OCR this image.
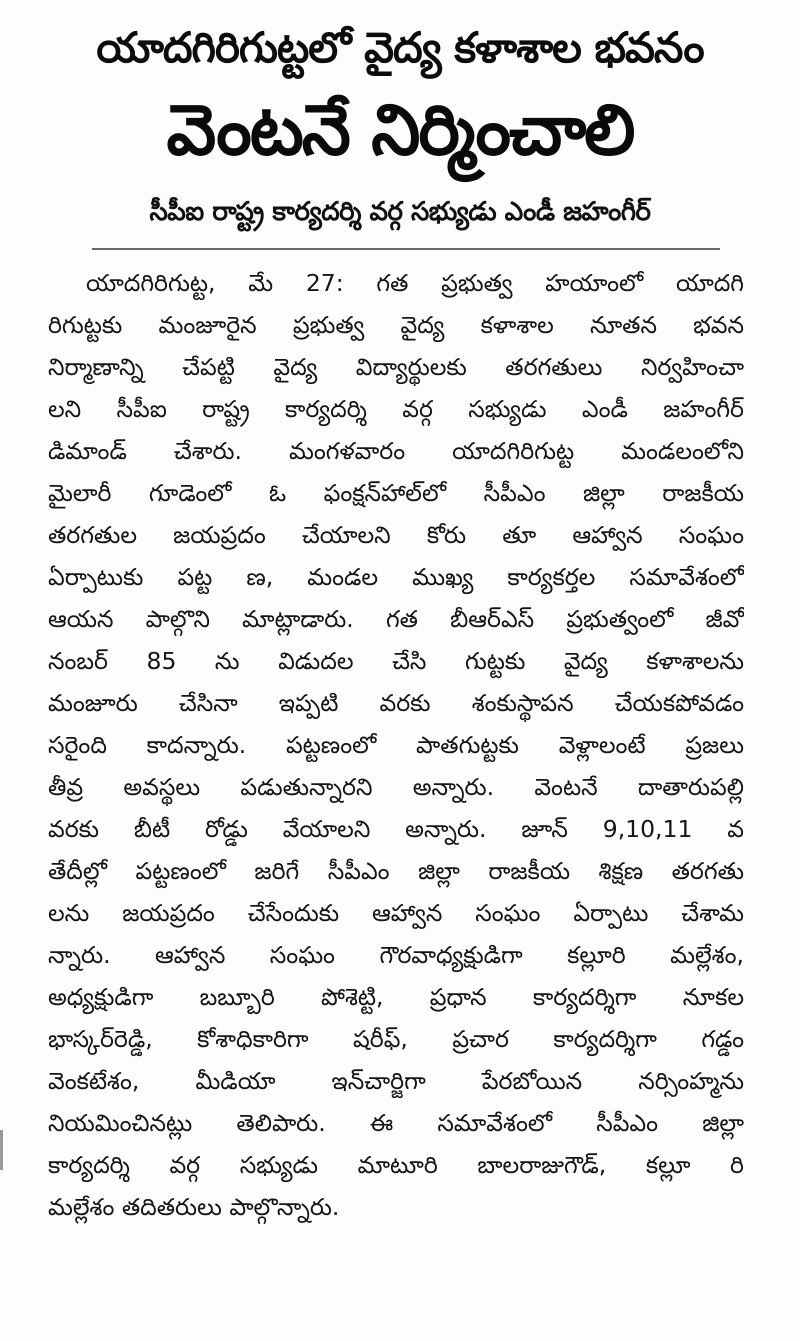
యాదగిరిగుట్టలో వైద్య కళాశాల భవనం
వెంటనే నిర్మించాలి
సీపీఐ రాష్ట్ర కార్యదర్శి వర్గ సభ్యుడు ఎండీ జహంగీర్
యాదగిరిగుట్ట, మే 27: గత ప్రభుత్వ హయాంలో యాదగి
రిగుట్టకు మంజూరైన ప్రభుత్వ వైద్య కళాశాల నూతన భవన
నిర్మాణాన్ని చేపట్టి వైద్య విద్యార్థులకు తరగతులు నిర్వహించా
లని సీపీఐ రాష్ట్ర కార్యదర్శి వర్గ సభ్యుడు ఎండీ జహంగీర్
డిమాండ్ చేశారు. మంగళవారం యాదగిరిగుట్ట మండలంలోని
మైలారీ గూడెంలో ఓ ఫంక్షన్‌హాల్‌లో సీపీఎం జిల్లా రాజకీయ
తరగతుల జయప్రదం చేయాలని కోరు తూ ఆహ్వాన సంఘం
ఏర్పాటుకు పట్ట ణ, మండల ముఖ్య కార్యకర్తల సమావేశంలో
ఆయన పాల్గొని మాట్లాడారు. గత బీఆర్ఎస్ ప్రభుత్వంలో జీవో
నంబర్ 85 ను విడుదల చేసి గుట్టకు వైద్య కళాశాలను
మంజూరు చేసినా ఇప్పటి వరకు శంకుస్థాపన చేయకపోవడం
సరైంది కాదన్నారు. పట్టణంలో పాతగుట్టకు వెళ్లాలంటే ప్రజలు
తీవ్ర అవస్థలు పడుతున్నారని అన్నారు. వెంటనే దాతారుపల్లి
వరకు బీటీ రోడ్డు వేయాలని అన్నారు. జూన్ 9,10,11 వ
తేదీల్లో పట్టణంలో జరిగే సీపీఎం జిల్లా రాజకీయ శిక్షణ తరగతు
లను జయప్రదం చేసేందుకు ఆహ్వాన సంఘం ఏర్పాటు చేశామ
న్నారు. ఆహ్వాన సంఘం గౌరవాధ్యక్షుడిగా కల్లూరి మల్లేశం,
అధ్యక్షుడిగా బబ్బూరి పోశెట్టి, ప్రధాన కార్యదర్శిగా నూకల
భాస్కర్‌రెడ్డి, కోశాధికారిగా షరీఫ్, ప్రచార కార్యదర్శిగా గడ్డం
వెంకటేశం, మీడియా ఇన్‌చార్జిగా పేరబోయిన నర్సింహ్మను
నియమించినట్లు తెలిపారు. ఈ సమావేశంలో సీపీఎం జిల్లా
కార్యదర్శి వర్గ సభ్యుడు మాటూరి బాలరాజుగౌడ్, కల్లూ రి
మల్లేశం తదితరులు పాల్గొన్నారు.
